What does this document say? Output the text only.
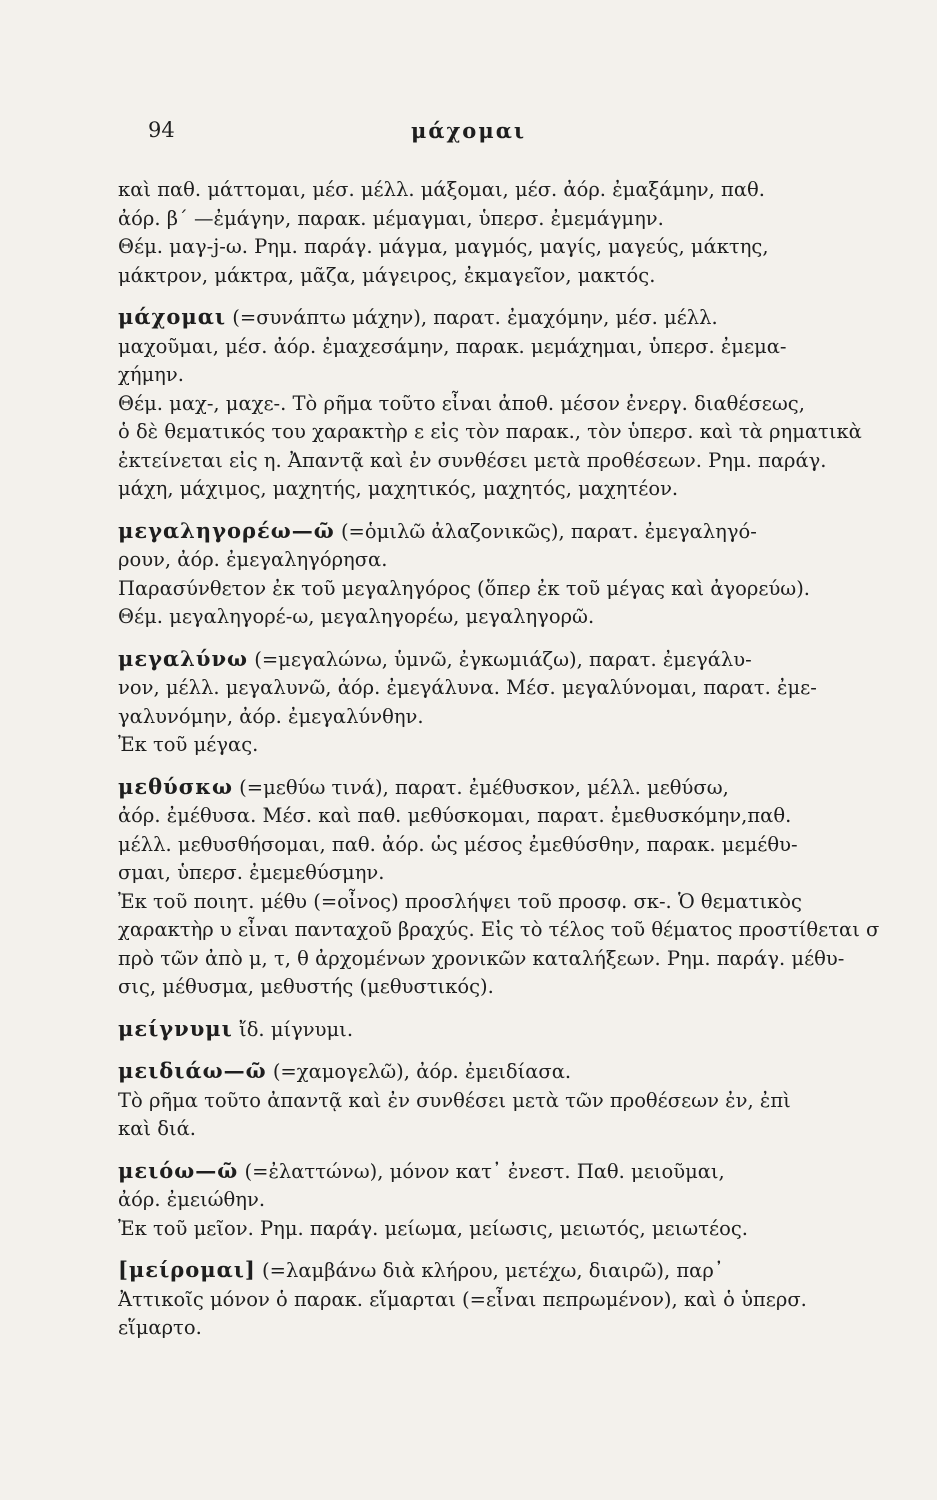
94	μάχομαι
καὶ παθ. μάττομαι, μέσ. μέλλ. μάξομαι, μέσ. ἀόρ. ἐμαξάμην, παθ.
ἀόρ. β΄ —ἐμάγην, παρακ. μέμαγμαι, ὑπερσ. ἐμεμάγμην.
Θέμ. μαγ-j-ω. Ρημ. παράγ. μάγμα, μαγμός, μαγίς, μαγεύς, μάκτης,
μάκτρον, μάκτρα, μᾶζα, μάγειρος, ἐκμαγεῖον, μακτός.
μάχομαι (=συνάπτω μάχην), παρατ. ἐμαχόμην, μέσ. μέλλ.
μαχοῦμαι, μέσ. ἀόρ. ἐμαχεσάμην, παρακ. μεμάχημαι, ὑπερσ. ἐμεμα-
χήμην.
Θέμ. μαχ-, μαχε-. Τὸ ρῆμα τοῦτο εἶναι ἀποθ. μέσον ἐνεργ. διαθέσεως,
ὁ δὲ θεματικός του χαρακτὴρ ε εἰς τὸν παρακ., τὸν ὑπερσ. καὶ τὰ ρηματικὰ
ἐκτείνεται εἰς η. Ἀπαντᾷ καὶ ἐν συνθέσει μετὰ προθέσεων. Ρημ. παράγ.
μάχη, μάχιμος, μαχητής, μαχητικός, μαχητός, μαχητέον.
μεγαληγορέω—ῶ (=ὁμιλῶ ἀλαζονικῶς), παρατ. ἐμεγαληγό-
ρουν, ἀόρ. ἐμεγαληγόρησα.
Παρασύνθετον ἐκ τοῦ μεγαληγόρος (ὅπερ ἐκ τοῦ μέγας καὶ ἀγορεύω).
Θέμ. μεγαληγορέ-ω, μεγαληγορέω, μεγαληγορῶ.
μεγαλύνω (=μεγαλώνω, ὑμνῶ, ἐγκωμιάζω), παρατ. ἐμεγάλυ-
νον, μέλλ. μεγαλυνῶ, ἀόρ. ἐμεγάλυνα. Μέσ. μεγαλύνομαι, παρατ. ἐμε-
γαλυνόμην, ἀόρ. ἐμεγαλύνθην.
Ἐκ τοῦ μέγας.
μεθύσκω (=μεθύω τινά), παρατ. ἐμέθυσκον, μέλλ. μεθύσω,
ἀόρ. ἐμέθυσα. Μέσ. καὶ παθ. μεθύσκομαι, παρατ. ἐμεθυσκόμην,παθ.
μέλλ. μεθυσθήσομαι, παθ. ἀόρ. ὡς μέσος ἐμεθύσθην, παρακ. μεμέθυ-
σμαι, ὑπερσ. ἐμεμεθύσμην.
Ἐκ τοῦ ποιητ. μέθυ (=οἶνος) προσλήψει τοῦ προσφ. σκ-. Ὁ θεματικὸς
χαρακτὴρ υ εἶναι πανταχοῦ βραχύς. Εἰς τὸ τέλος τοῦ θέματος προστίθεται σ
πρὸ τῶν ἀπὸ μ, τ, θ ἀρχομένων χρονικῶν καταλήξεων. Ρημ. παράγ. μέθυ-
σις, μέθυσμα, μεθυστής (μεθυστικός).
μείγνυμι ἴδ. μίγνυμι.
μειδιάω—ῶ (=χαμογελῶ), ἀόρ. ἐμειδίασα.
Τὸ ρῆμα τοῦτο ἀπαντᾷ καὶ ἐν συνθέσει μετὰ τῶν προθέσεων ἐν, ἐπὶ
καὶ διά.
μειόω—ῶ (=ἐλαττώνω), μόνον κατ᾽ ἐνεστ. Παθ. μειοῦμαι,
ἀόρ. ἐμειώθην.
Ἐκ τοῦ μεῖον. Ρημ. παράγ. μείωμα, μείωσις, μειωτός, μειωτέος.
[μείρομαι] (=λαμβάνω διὰ κλήρου, μετέχω, διαιρῶ), παρ᾽
Ἀττικοῖς μόνον ὁ παρακ. εἵμαρται (=εἶναι πεπρωμένον), καὶ ὁ ὑπερσ.
εἵμαρτο.
